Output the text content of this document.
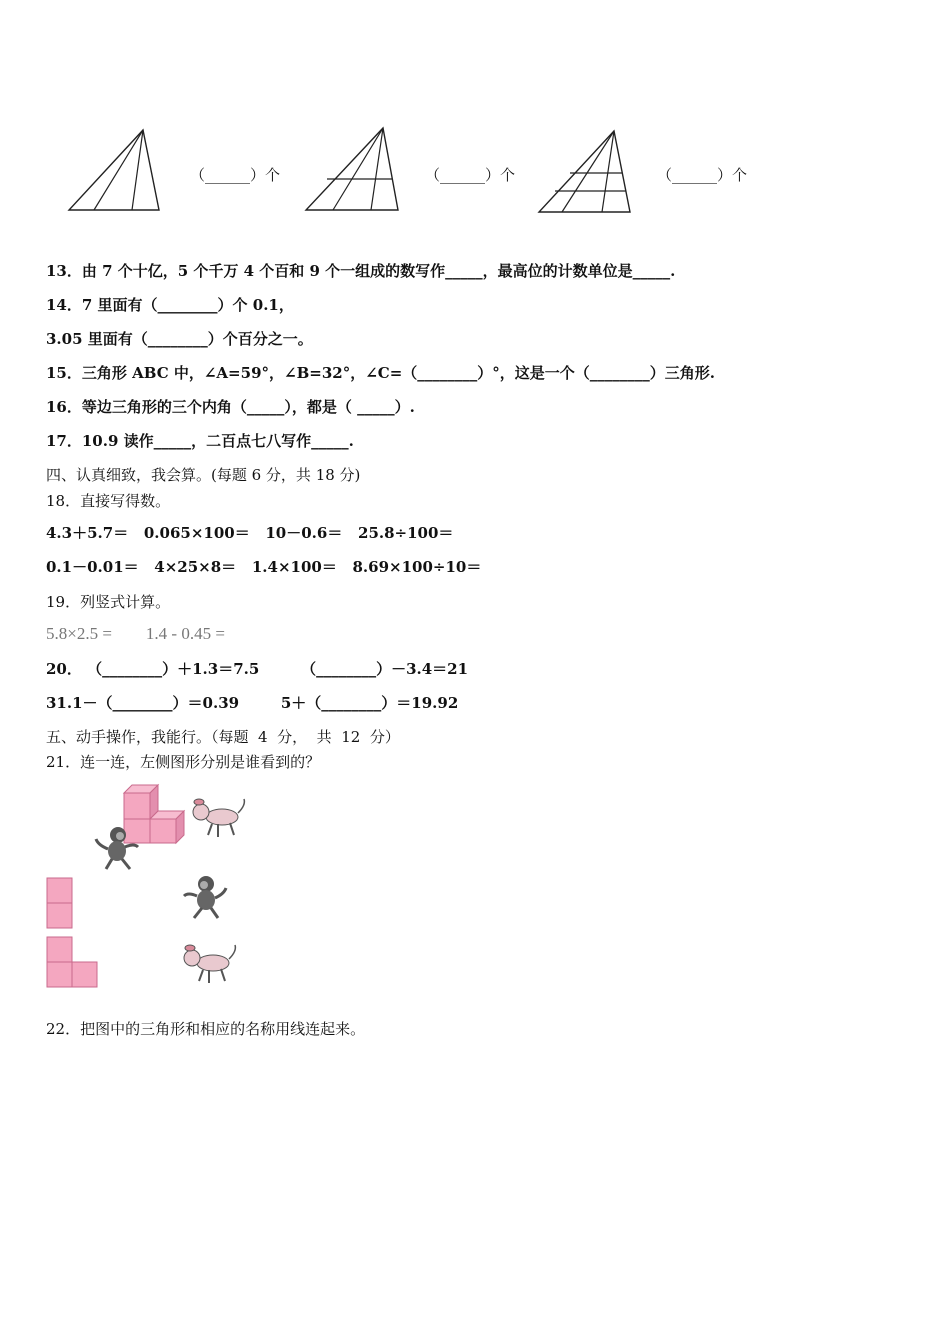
（______）个	（______）个	（______）个
13．由 7 个十亿，5 个千万 4 个百和 9 个一组成的数写作_____，最高位的计数单位是_____.
14．7 里面有（________）个 0.1，
3.05 里面有（________）个百分之一。
15．三角形 ABC 中，∠A=59°，∠B=32°，∠C=（________）°，这是一个（________）三角形.
16．等边三角形的三个内角（_____），都是（ _____）.
17．10.9 读作_____，二百点七八写作_____.
四、认真细致，我会算。(每题 6 分，共 18 分)
18．直接写得数。
4.3＋5.7＝   0.065×100＝   10－0.6＝   25.8÷100＝
0.1－0.01＝   4×25×8＝   1.4×100＝   8.69×100÷10＝
19．列竖式计算。
5.8×2.5 =        1.4 - 0.45 =
20． （________）＋1.3＝7.5        （________）－3.4＝21
31.1－（________）＝0.39        5＋（________）＝19.92
五、动手操作，我能行。（每题  4  分，  共  12  分）
21．连一连，左侧图形分别是谁看到的？
22．把图中的三角形和相应的名称用线连起来。
